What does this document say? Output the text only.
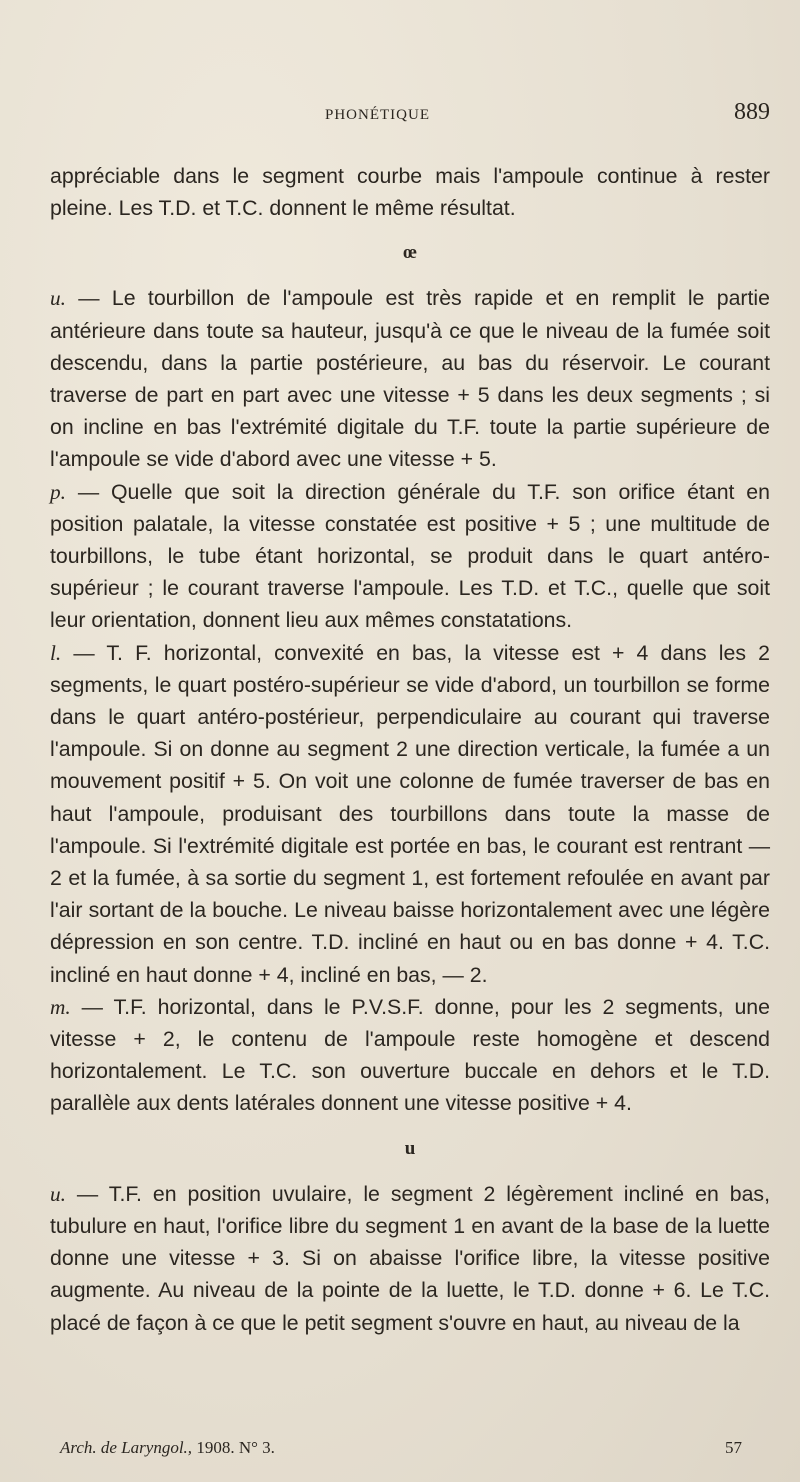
PHONÉTIQUE	889

appréciable dans le segment courbe mais l'ampoule continue à rester pleine. Les T.D. et T.C. donnent le même résultat.

œ

u. — Le tourbillon de l'ampoule est très rapide et en remplit le partie antérieure dans toute sa hauteur, jusqu'à ce que le niveau de la fumée soit descendu, dans la partie postérieure, au bas du réservoir. Le courant traverse de part en part avec une vitesse + 5 dans les deux segments ; si on incline en bas l'extrémité digitale du T.F. toute la partie supérieure de l'ampoule se vide d'abord avec une vitesse + 5.

p. — Quelle que soit la direction générale du T.F. son orifice étant en position palatale, la vitesse constatée est positive + 5 ; une multitude de tourbillons, le tube étant horizontal, se produit dans le quart antéro-supérieur ; le courant traverse l'ampoule. Les T.D. et T.C., quelle que soit leur orientation, donnent lieu aux mêmes constatations.

l. — T. F. horizontal, convexité en bas, la vitesse est + 4 dans les 2 segments, le quart postéro-supérieur se vide d'abord, un tourbillon se forme dans le quart antéro-postérieur, perpendiculaire au courant qui traverse l'ampoule. Si on donne au segment 2 une direction verticale, la fumée a un mouvement positif + 5. On voit une colonne de fumée traverser de bas en haut l'ampoule, produisant des tourbillons dans toute la masse de l'ampoule. Si l'extrémité digitale est portée en bas, le courant est rentrant — 2 et la fumée, à sa sortie du segment 1, est fortement refoulée en avant par l'air sortant de la bouche. Le niveau baisse horizontalement avec une légère dépression en son centre. T.D. incliné en haut ou en bas donne + 4. T.C. incliné en haut donne + 4, incliné en bas, — 2.

m. — T.F. horizontal, dans le P.V.S.F. donne, pour les 2 segments, une vitesse + 2, le contenu de l'ampoule reste homogène et descend horizontalement. Le T.C. son ouverture buccale en dehors et le T.D. parallèle aux dents latérales donnent une vitesse positive + 4.

u

u. — T.F. en position uvulaire, le segment 2 légèrement incliné en bas, tubulure en haut, l'orifice libre du segment 1 en avant de la base de la luette donne une vitesse + 3. Si on abaisse l'orifice libre, la vitesse positive augmente. Au niveau de la pointe de la luette, le T.D. donne + 6. Le T.C. placé de façon à ce que le petit segment s'ouvre en haut, au niveau de la

Arch. de Laryngol., 1908. N° 3.	57
